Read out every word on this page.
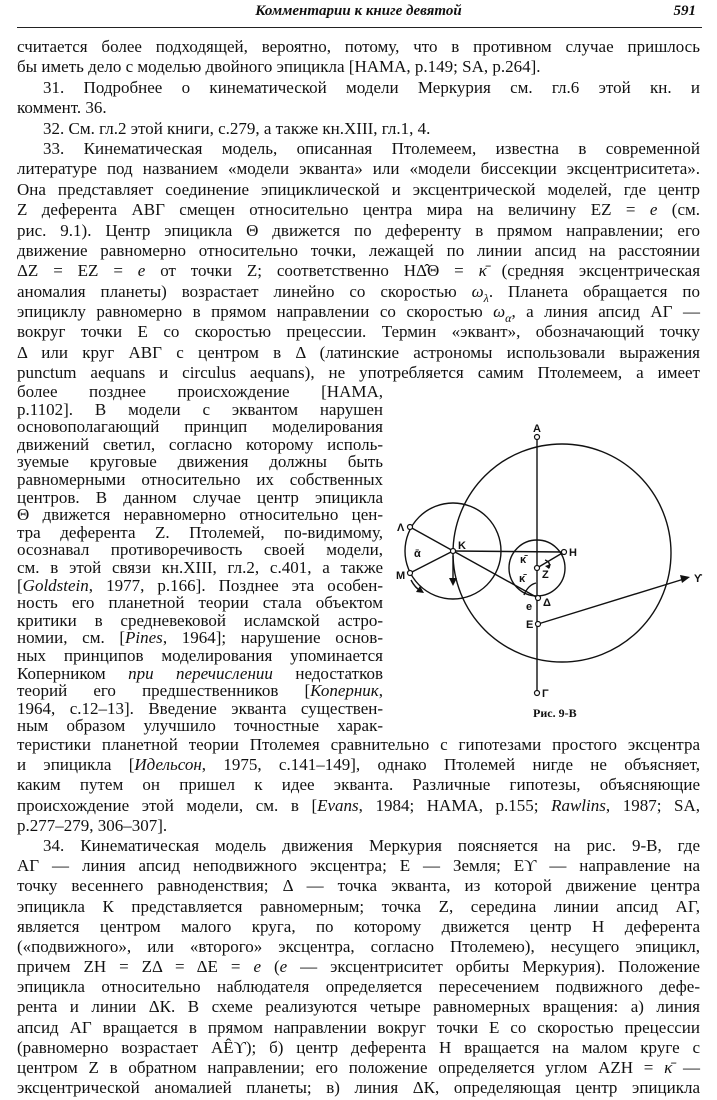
Комментарии к книге девятой	591
считается более подходящей, вероятно, потому, что в противном случае пришлось
бы иметь дело с моделью двойного эпицикла [HAMA, p.149; SA, p.264].
31. Подробнее о кинематической модели Меркурия см. гл.6 этой кн. и
коммент. 36.
32. См. гл.2 этой книги, с.279, а также кн.XIII, гл.1, 4.
33. Кинематическая модель, описанная Птолемеем, известна в современной
литературе под названием «модели экванта» или «модели биссекции эксцентриситета».
Она представляет соединение эпициклической и эксцентрической моделей, где центр
Z деферента АВГ смещен относительно центра мира на величину EZ = e (см.
рис. 9.1). Центр эпицикла Θ движется по деференту в прямом направлении; его
движение равномерно относительно точки, лежащей по линии апсид на расстоянии
ΔZ = EZ = e от точки Z; соответственно HΔ̂Θ = κ̄ (средняя эксцентрическая
аномалия планеты) возрастает линейно со скоростью $\omega_\lambda$. Планета обращается по
эпициклу равномерно в прямом направлении со скоростью $\omega_\alpha$, а линия апсид АГ —
вокруг точки Е со скоростью прецессии. Термин «эквант», обозначающий точку
Δ или круг АВГ с центром в Δ (латинские астрономы использовали выражения
punctum aequans и circulus aequans), не употребляется самим Птолемеем, а имеет
более позднее происхождение [HAMA,
p.1102]. В модели с эквантом нарушен
основополагающий принцип моделирования
движений светил, согласно которому исполь-
зуемые круговые движения должны быть
равномерными относительно их собственных
центров. В данном случае центр эпицикла
Θ движется неравномерно относительно цен-
тра деферента Z. Птолемей, по-видимому,
осознавал противоречивость своей модели,
см. в этой связи кн.XIII, гл.2, с.401, а также
[Goldstein, 1977, p.166]. Позднее эта особен-
ность его планетной теории стала объектом
критики в средневековой исламской астро-
номии, см. [Pines, 1964]; нарушение основ-
ных принципов моделирования упоминается
Коперником при перечислении недостатков
теорий его предшественников [Коперник,
1964, с.12–13]. Введение экванта существен-
ным образом улучшило точностные харак-
теристики планетной теории Птолемея сравнительно с гипотезами простого эксцентра
и эпицикла [Идельсон, 1975, с.141–149], однако Птолемей нигде не объясняет,
каким путем он пришел к идее экванта. Различные гипотезы, объясняющие
происхождение этой модели, см. в [Evans, 1984; HAMA, p.155; Rawlins, 1987; SA,
p.277–279, 306–307].
34. Кинематическая модель движения Меркурия поясняется на рис. 9-В, где
АГ — линия апсид неподвижного эксцентра; Е — Земля; Еϒ — направление на
точку весеннего равноденствия; Δ — точка экванта, из которой движение центра
эпицикла К представляется равномерным; точка Z, середина линии апсид АГ,
является центром малого круга, по которому движется центр Н деферента
(«подвижного», или «второго» эксцентра, согласно Птолемею), несущего эпицикл,
причем ZH = ZΔ = ΔE = e (e — эксцентриситет орбиты Меркурия). Положение
эпицикла относительно наблюдателя определяется пересечением подвижного дефе-
рента и линии ΔК. В схеме реализуются четыре равномерных вращения: а) линия
апсид АГ вращается в прямом направлении вокруг точки Е со скоростью прецессии
(равномерно возрастает АÊϒ); б) центр деферента Н вращается на малом круге с
центром Z в обратном направлении; его положение определяется углом AZH = κ̄ —
эксцентрической аномалией планеты; в) линия ΔК, определяющая центр эпицикла
A
Λ
M
K
ᾱ	κ̄
κ̄ Z
H
ϒ
e Δ
E
Γ
Рис. 9-В
